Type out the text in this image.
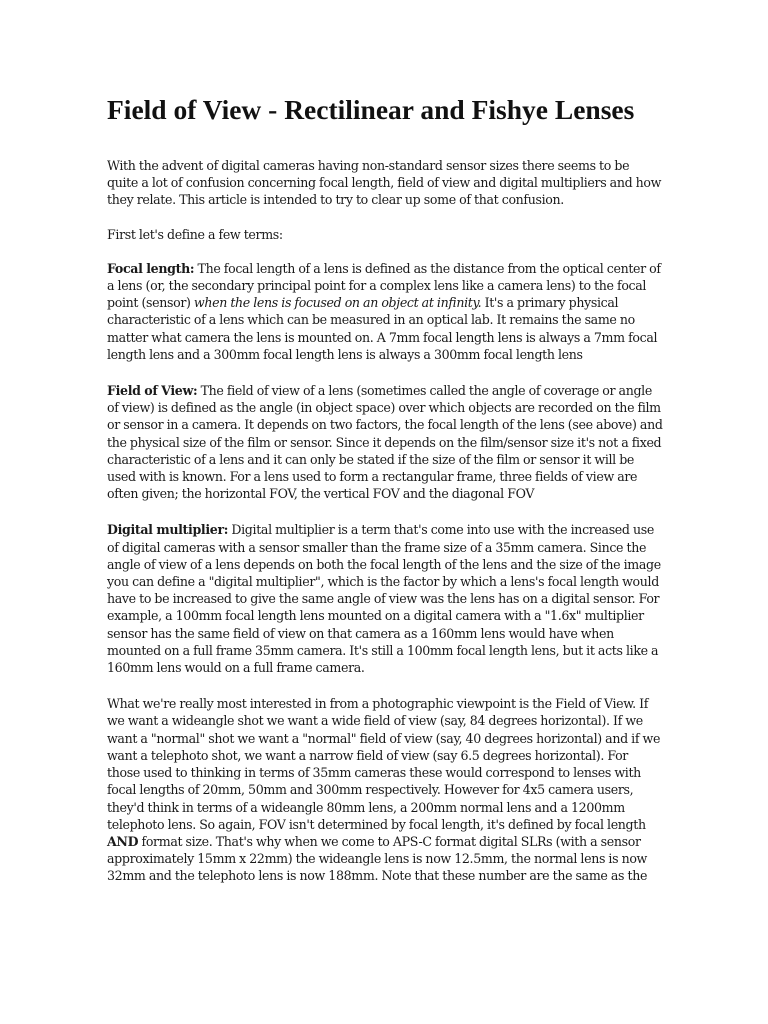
Field of View - Rectilinear and Fishye Lenses

With the advent of digital cameras having non-standard sensor sizes there seems to be quite a lot of confusion concerning focal length, field of view and digital multipliers and how they relate. This article is intended to try to clear up some of that confusion.

First let's define a few terms:

Focal length: The focal length of a lens is defined as the distance from the optical center of a lens (or, the secondary principal point for a complex lens like a camera lens) to the focal point (sensor) when the lens is focused on an object at infinity. It's a primary physical characteristic of a lens which can be measured in an optical lab. It remains the same no matter what camera the lens is mounted on. A 7mm focal length lens is always a 7mm focal length lens and a 300mm focal length lens is always a 300mm focal length lens

Field of View: The field of view of a lens (sometimes called the angle of coverage or angle of view) is defined as the angle (in object space) over which objects are recorded on the film or sensor in a camera. It depends on two factors, the focal length of the lens (see above) and the physical size of the film or sensor. Since it depends on the film/sensor size it's not a fixed characteristic of a lens and it can only be stated if the size of the film or sensor it will be used with is known. For a lens used to form a rectangular frame, three fields of view are often given; the horizontal FOV, the vertical FOV and the diagonal FOV

Digital multiplier: Digital multiplier is a term that's come into use with the increased use of digital cameras with a sensor smaller than the frame size of a 35mm camera. Since the angle of view of a lens depends on both the focal length of the lens and the size of the image you can define a "digital multiplier", which is the factor by which a lens's focal length would have to be increased to give the same angle of view was the lens has on a digital sensor. For example, a 100mm focal length lens mounted on a digital camera with a "1.6x" multiplier sensor has the same field of view on that camera as a 160mm lens would have when mounted on a full frame 35mm camera. It's still a 100mm focal length lens, but it acts like a 160mm lens would on a full frame camera.

What we're really most interested in from a photographic viewpoint is the Field of View. If we want a wideangle shot we want a wide field of view (say, 84 degrees horizontal). If we want a "normal" shot we want a "normal" field of view (say, 40 degrees horizontal) and if we want a telephoto shot, we want a narrow field of view (say 6.5 degrees horizontal). For those used to thinking in terms of 35mm cameras these would correspond to lenses with focal lengths of 20mm, 50mm and 300mm respectively. However for 4x5 camera users, they'd think in terms of a wideangle 80mm lens, a 200mm normal lens and a 1200mm telephoto lens. So again, FOV isn't determined by focal length, it's defined by focal length AND format size. That's why when we come to APS-C format digital SLRs (with a sensor approximately 15mm x 22mm) the wideangle lens is now 12.5mm, the normal lens is now 32mm and the telephoto lens is now 188mm. Note that these number are the same as the
